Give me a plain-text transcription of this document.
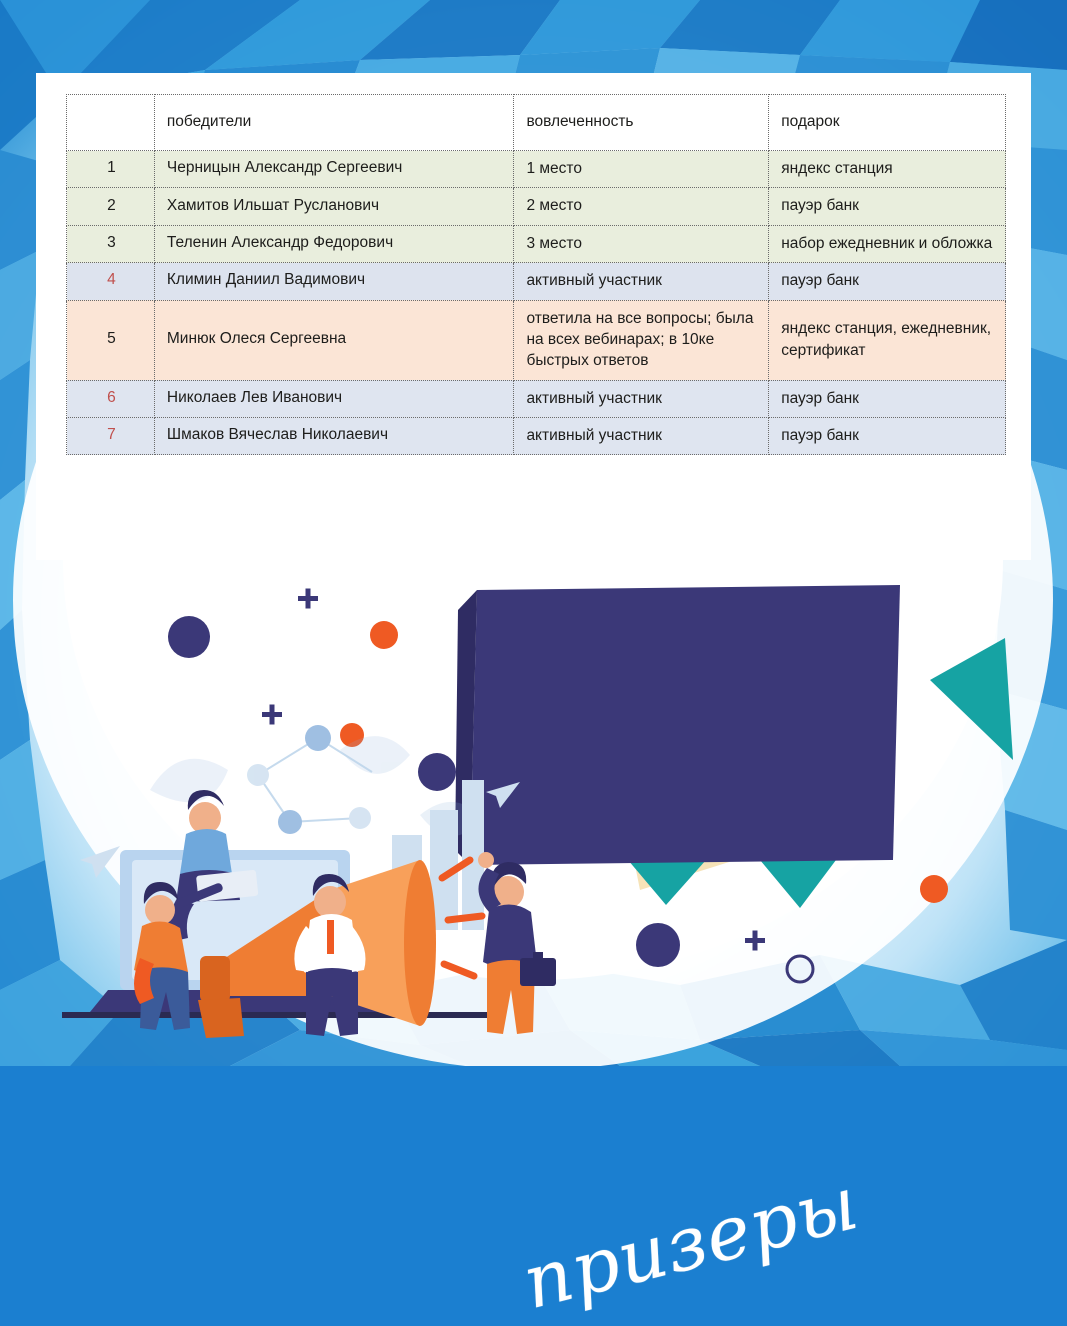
	победители	вовлеченность	подарок
1	Черницын Александр Сергеевич	1 место	яндекс станция
2	Хамитов Ильшат Русланович	2 место	пауэр банк
3	Теленин Александр Федорович	3 место	набор ежедневник и обложка
4	Климин Даниил Вадимович	активный участник	пауэр банк
5	Минюк Олеся Сергеевна	ответила на все вопросы; была на всех вебинарах; в 10ке быстрых ответов	яндекс станция, ежедневник, сертификат
6	Николаев Лев Иванович	активный участник	пауэр банк
7	Шмаков Вячеслав Николаевич	активный участник	пауэр банк
призеры
